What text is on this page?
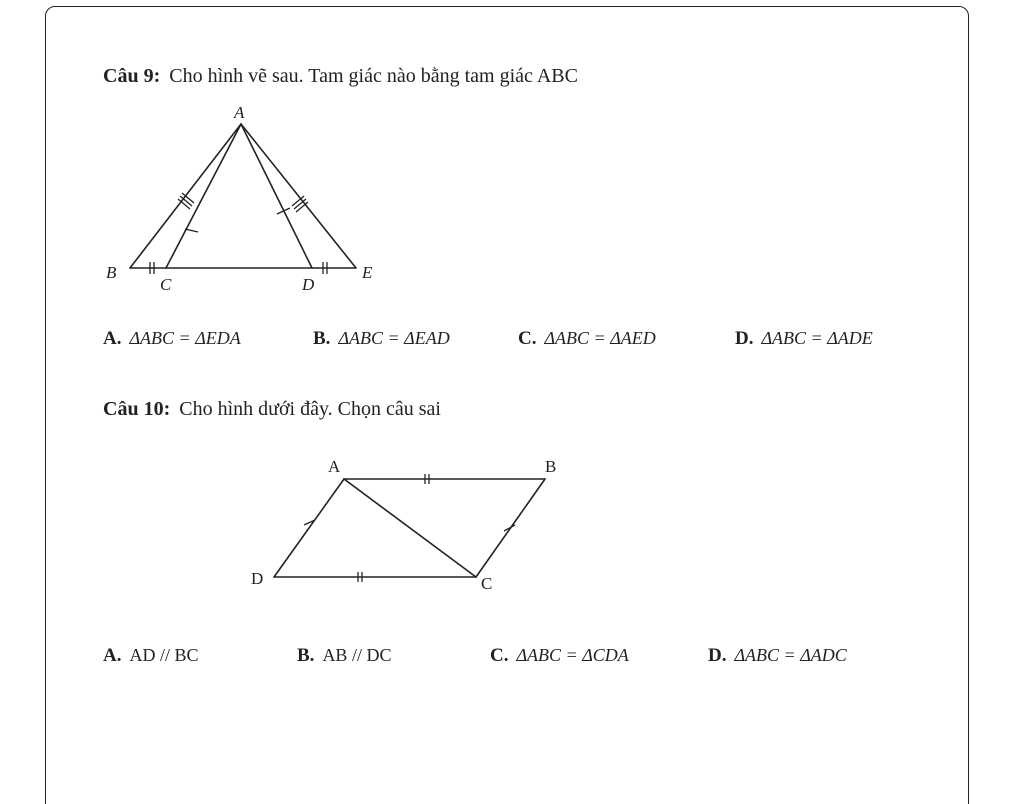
Câu 9: Cho hình vẽ sau. Tam giác nào bằng tam giác ABC
A
B
C	D
E
A. ΔABC = ΔEDA	B. ΔABC = ΔEAD	C. ΔABC = ΔAED	D. ΔABC = ΔADE
Câu 10: Cho hình dưới đây. Chọn câu sai
A	B
C
D
A. AD // BC	B. AB // DC	C. ΔABC = ΔCDA	D. ΔABC = ΔADC
